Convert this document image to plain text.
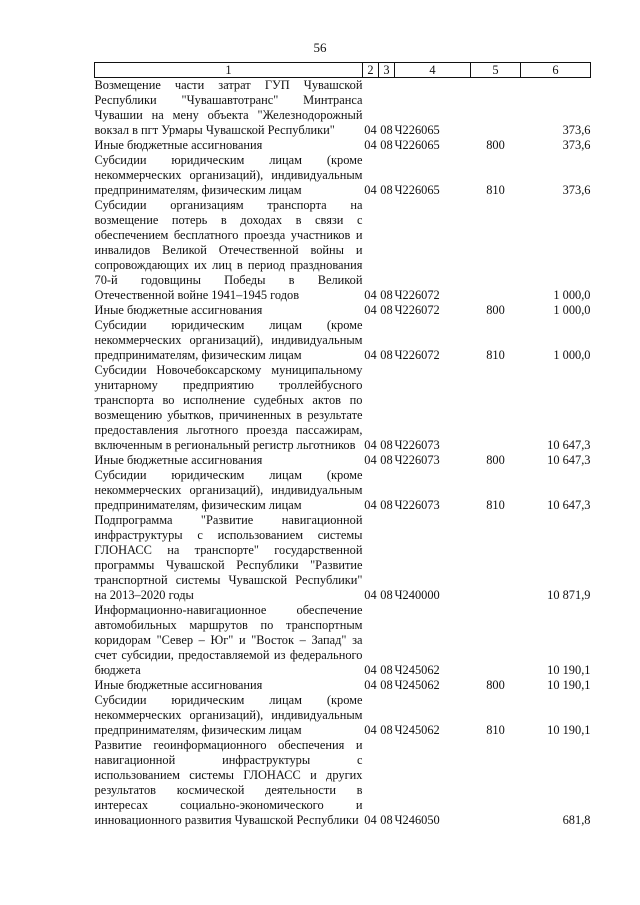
56
1	2	3	4	5	6
Возмещение части затрат ГУП Чувашской Республики "Чувашавтотранс" Минтранса Чувашии на мену объекта "Железнодорожный вокзал в пгт Урмары Чувашской Республики"	04	08	Ч226065		373,6
Иные бюджетные ассигнования	04	08	Ч226065	800	373,6
Субсидии юридическим лицам (кроме некоммерческих организаций), индивидуальным предпринимателям, физическим лицам	04	08	Ч226065	810	373,6
Субсидии организациям транспорта на возмещение потерь в доходах в связи с обеспечением бесплатного проезда участников и инвалидов Великой Отечественной войны и сопровождающих их лиц в период празднования 70-й годовщины Победы в Великой Отечественной войне 1941–1945 годов	04	08	Ч226072		1 000,0
Иные бюджетные ассигнования	04	08	Ч226072	800	1 000,0
Субсидии юридическим лицам (кроме некоммерческих организаций), индивидуальным предпринимателям, физическим лицам	04	08	Ч226072	810	1 000,0
Субсидии Новочебоксарскому муниципальному унитарному предприятию троллейбусного транспорта во исполнение судебных актов по возмещению убытков, причиненных в результате предоставления льготного проезда пассажирам, включенным в региональный регистр льготников	04	08	Ч226073		10 647,3
Иные бюджетные ассигнования	04	08	Ч226073	800	10 647,3
Субсидии юридическим лицам (кроме некоммерческих организаций), индивидуальным предпринимателям, физическим лицам	04	08	Ч226073	810	10 647,3
Подпрограмма "Развитие навигационной инфраструктуры с использованием системы ГЛОНАСС на транспорте" государственной программы Чувашской Республики "Развитие транспортной системы Чувашской Республики" на 2013–2020 годы	04	08	Ч240000		10 871,9
Информационно-навигационное обеспечение автомобильных маршрутов по транспортным коридорам "Север – Юг" и "Восток – Запад" за счет субсидии, предоставляемой из федерального бюджета	04	08	Ч245062		10 190,1
Иные бюджетные ассигнования	04	08	Ч245062	800	10 190,1
Субсидии юридическим лицам (кроме некоммерческих организаций), индивидуальным предпринимателям, физическим лицам	04	08	Ч245062	810	10 190,1
Развитие геоинформационного обеспечения и навигационной инфраструктуры с использованием системы ГЛОНАСС и других результатов космической деятельности в интересах социально-экономического и инновационного развития Чувашской Республики	04	08	Ч246050		681,8
